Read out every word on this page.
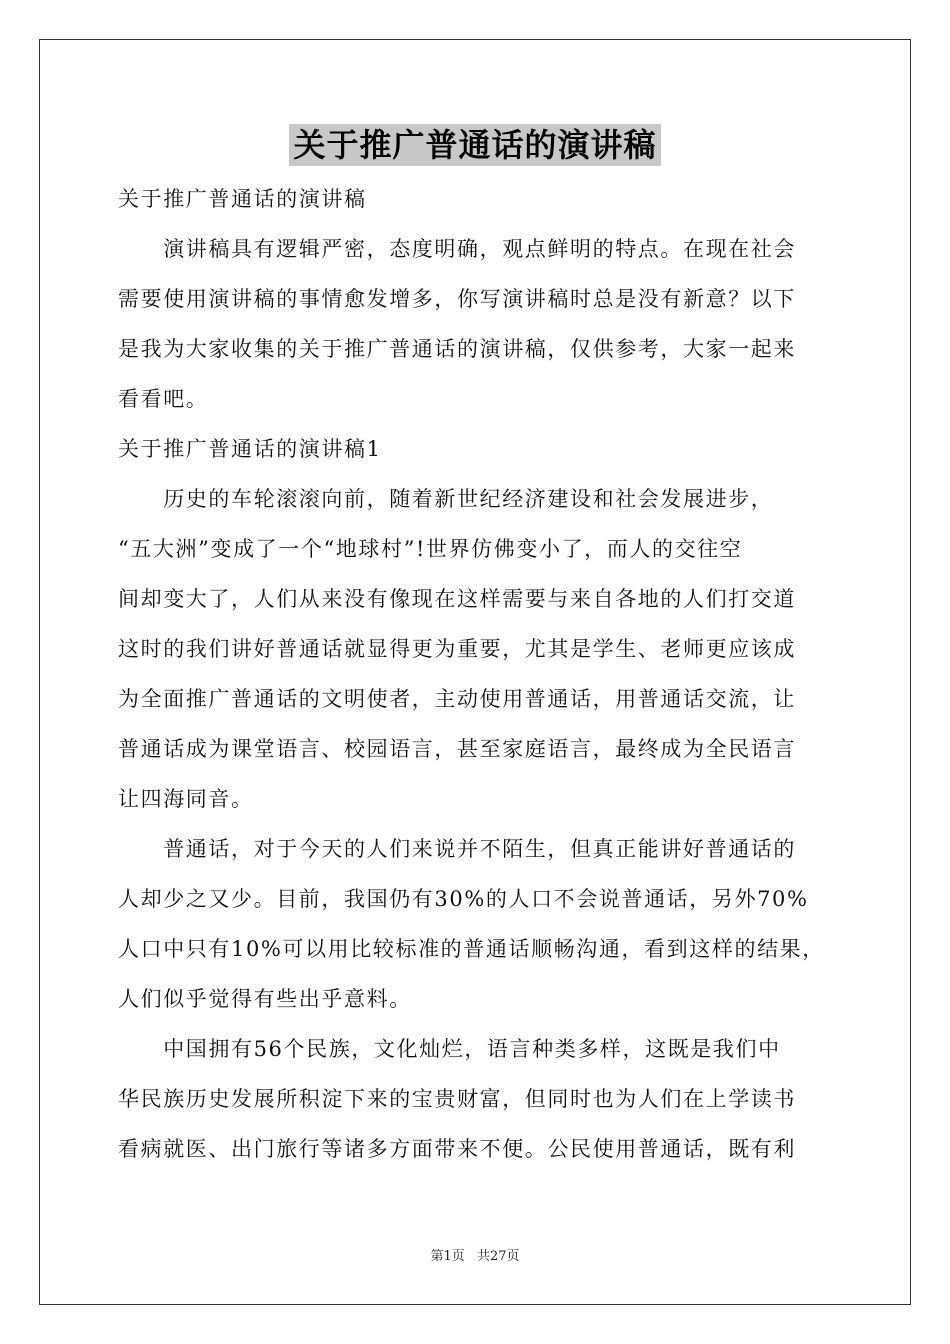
关于推广普通话的演讲稿

关于推广普通话的演讲稿

　　演讲稿具有逻辑严密，态度明确，观点鲜明的特点。在现在社会

需要使用演讲稿的事情愈发增多，你写演讲稿时总是没有新意？以下

是我为大家收集的关于推广普通话的演讲稿，仅供参考，大家一起来

看看吧。

关于推广普通话的演讲稿1

　　历史的车轮滚滚向前，随着新世纪经济建设和社会发展进步，

“五大洲”变成了一个“地球村”!世界仿佛变小了，而人的交往空

间却变大了，人们从来没有像现在这样需要与来自各地的人们打交道

这时的我们讲好普通话就显得更为重要，尤其是学生、老师更应该成

为全面推广普通话的文明使者，主动使用普通话，用普通话交流，让

普通话成为课堂语言、校园语言，甚至家庭语言，最终成为全民语言

让四海同音。

　　普通话，对于今天的人们来说并不陌生，但真正能讲好普通话的

人却少之又少。目前，我国仍有30%的人口不会说普通话，另外70%

人口中只有10%可以用比较标准的普通话顺畅沟通，看到这样的结果，

人们似乎觉得有些出乎意料。

　　中国拥有56个民族，文化灿烂，语言种类多样，这既是我们中

华民族历史发展所积淀下来的宝贵财富，但同时也为人们在上学读书

看病就医、出门旅行等诸多方面带来不便。公民使用普通话，既有利

第1页 共27页
